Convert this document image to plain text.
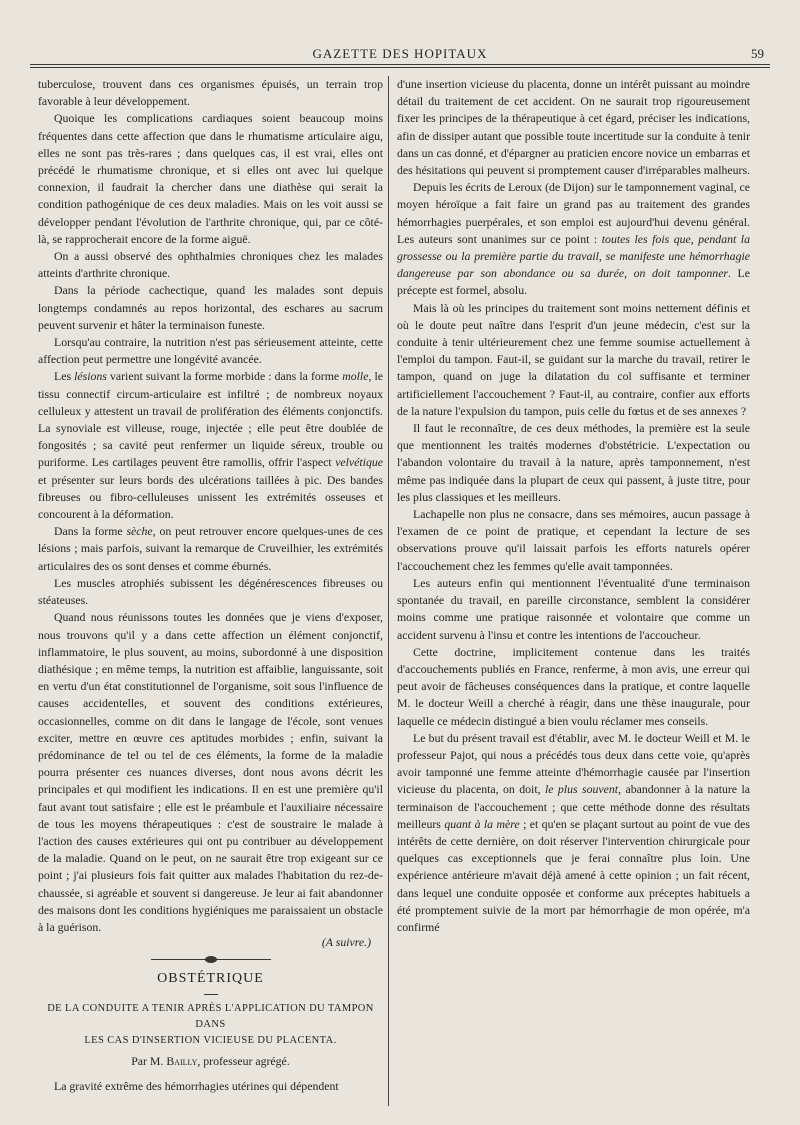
GAZETTE DES HOPITAUX	59

tuberculose, trouvent dans ces organismes épuisés, un terrain trop favorable à leur développement.

Quoique les complications cardiaques soient beaucoup moins fréquentes dans cette affection que dans le rhumatisme articulaire aigu, elles ne sont pas très-rares ; dans quelques cas, il est vrai, elles ont précédé le rhumatisme chronique, et si elles ont avec lui quelque connexion, il faudrait la chercher dans une diathèse qui serait la condition pathogénique de ces deux maladies. Mais on les voit aussi se développer pendant l'évolution de l'arthrite chronique, qui, par ce côté-là, se rapprocherait encore de la forme aiguë.

On a aussi observé des ophthalmies chroniques chez les malades atteints d'arthrite chronique.

Dans la période cachectique, quand les malades sont depuis longtemps condamnés au repos horizontal, des eschares au sacrum peuvent survenir et hâter la terminaison funeste.

Lorsqu'au contraire, la nutrition n'est pas sérieusement atteinte, cette affection peut permettre une longévité avancée.

Les lésions varient suivant la forme morbide : dans la forme molle, le tissu connectif circum-articulaire est infiltré ; de nombreux noyaux celluleux y attestent un travail de prolifération des éléments conjonctifs. La synoviale est villeuse, rouge, injectée ; elle peut être doublée de fongosités ; sa cavité peut renfermer un liquide séreux, trouble ou puriforme. Les cartilages peuvent être ramollis, offrir l'aspect velvétique et présenter sur leurs bords des ulcérations taillées à pic. Des bandes fibreuses ou fibro-celluleuses unissent les extrémités osseuses et concourent à la déformation.

Dans la forme sèche, on peut retrouver encore quelques-unes de ces lésions ; mais parfois, suivant la remarque de Cruveilhier, les extrémités articulaires des os sont denses et comme éburnés.

Les muscles atrophiés subissent les dégénérescences fibreuses ou stéateuses.

Quand nous réunissons toutes les données que je viens d'exposer, nous trouvons qu'il y a dans cette affection un élément conjonctif, inflammatoire, le plus souvent, au moins, subordonné à une disposition diathésique ; en même temps, la nutrition est affaiblie, languissante, soit en vertu d'un état constitutionnel de l'organisme, soit sous l'influence de causes accidentelles, et souvent des conditions extérieures, occasionnelles, comme on dit dans le langage de l'école, sont venues exciter, mettre en œuvre ces aptitudes morbides ; enfin, suivant la prédominance de tel ou tel de ces éléments, la forme de la maladie pourra présenter ces nuances diverses, dont nous avons décrit les principales et qui modifient les indications. Il en est une première qu'il faut avant tout satisfaire ; elle est le préambule et l'auxiliaire nécessaire de tous les moyens thérapeutiques : c'est de soustraire le malade à l'action des causes extérieures qui ont pu contribuer au développement de la maladie. Quand on le peut, on ne saurait être trop exigeant sur ce point ; j'ai plusieurs fois fait quitter aux malades l'habitation du rez-de-chaussée, si agréable et souvent si dangereuse. Je leur ai fait abandonner des maisons dont les conditions hygiéniques me paraissaient un obstacle à la guérison.

(A suivre.)
OBSTÉTRIQUE
DE LA CONDUITE A TENIR APRÈS L'APPLICATION DU TAMPON DANS
LES CAS D'INSERTION VICIEUSE DU PLACENTA.
Par M. Bailly, professeur agrégé.

La gravité extrême des hémorrhagies utérines qui dépendent

d'une insertion vicieuse du placenta, donne un intérêt puissant au moindre détail du traitement de cet accident. On ne saurait trop rigoureusement fixer les principes de la thérapeutique à cet égard, préciser les indications, afin de dissiper autant que possible toute incertitude sur la conduite à tenir dans un cas donné, et d'épargner au praticien encore novice un embarras et des hésitations qui peuvent si promptement causer d'irréparables malheurs.

Depuis les écrits de Leroux (de Dijon) sur le tamponnement vaginal, ce moyen héroïque a fait faire un grand pas au traitement des grandes hémorrhagies puerpérales, et son emploi est aujourd'hui devenu général. Les auteurs sont unanimes sur ce point : toutes les fois que, pendant la grossesse ou la première partie du travail, se manifeste une hémorrhagie dangereuse par son abondance ou sa durée, on doit tamponner. Le précepte est formel, absolu.

Mais là où les principes du traitement sont moins nettement définis et où le doute peut naître dans l'esprit d'un jeune médecin, c'est sur la conduite à tenir ultérieurement chez une femme soumise actuellement à l'emploi du tampon. Faut-il, se guidant sur la marche du travail, retirer le tampon, quand on juge la dilatation du col suffisante et terminer artificiellement l'accouchement ? Faut-il, au contraire, confier aux efforts de la nature l'expulsion du tampon, puis celle du fœtus et de ses annexes ?

Il faut le reconnaître, de ces deux méthodes, la première est la seule que mentionnent les traités modernes d'obstétricie. L'expectation ou l'abandon volontaire du travail à la nature, après tamponnement, n'est même pas indiquée dans la plupart de ceux qui passent, à juste titre, pour les plus classiques et les meilleurs.

Lachapelle non plus ne consacre, dans ses mémoires, aucun passage à l'examen de ce point de pratique, et cependant la lecture de ses observations prouve qu'il laissait parfois les efforts naturels opérer l'accouchement chez les femmes qu'elle avait tamponnées.

Les auteurs enfin qui mentionnent l'éventualité d'une terminaison spontanée du travail, en pareille circonstance, semblent la considérer moins comme une pratique raisonnée et volontaire que comme un accident survenu à l'insu et contre les intentions de l'accoucheur.

Cette doctrine, implicitement contenue dans les traités d'accouchements publiés en France, renferme, à mon avis, une erreur qui peut avoir de fâcheuses conséquences dans la pratique, et contre laquelle M. le docteur Weill a cherché à réagir, dans une thèse inaugurale, pour laquelle ce médecin distingué a bien voulu réclamer mes conseils.

Le but du présent travail est d'établir, avec M. le docteur Weill et M. le professeur Pajot, qui nous a précédés tous deux dans cette voie, qu'après avoir tamponné une femme atteinte d'hémorrhagie causée par l'insertion vicieuse du placenta, on doit, le plus souvent, abandonner à la nature la terminaison de l'accouchement ; que cette méthode donne des résultats meilleurs quant à la mère ; et qu'en se plaçant surtout au point de vue des intérêts de cette dernière, on doit réserver l'intervention chirurgicale pour quelques cas exceptionnels que je ferai connaître plus loin. Une expérience antérieure m'avait déjà amené à cette opinion ; un fait récent, dans lequel une conduite opposée et conforme aux préceptes habituels a été promptement suivie de la mort par hémorrhagie de mon opérée, m'a confirmé
